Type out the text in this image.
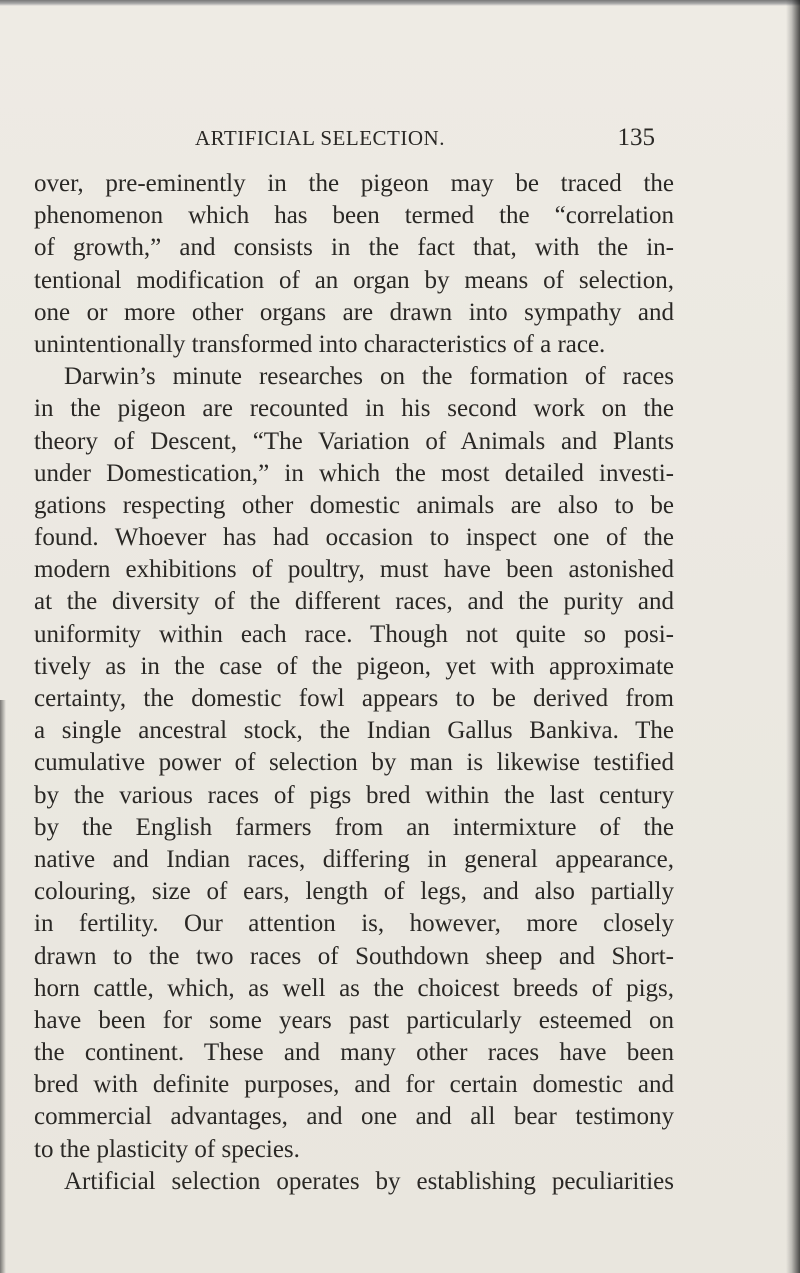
ARTIFICIAL SELECTION.	135
over, pre-eminently in the pigeon may be traced the
phenomenon which has been termed the “correlation
of growth,” and consists in the fact that, with the in-
tentional modification of an organ by means of selection,
one or more other organs are drawn into sympathy and
unintentionally transformed into characteristics of a race.
Darwin’s minute researches on the formation of races
in the pigeon are recounted in his second work on the
theory of Descent, “The Variation of Animals and Plants
under Domestication,” in which the most detailed investi-
gations respecting other domestic animals are also to be
found. Whoever has had occasion to inspect one of the
modern exhibitions of poultry, must have been astonished
at the diversity of the different races, and the purity and
uniformity within each race. Though not quite so posi-
tively as in the case of the pigeon, yet with approximate
certainty, the domestic fowl appears to be derived from
a single ancestral stock, the Indian Gallus Bankiva. The
cumulative power of selection by man is likewise testified
by the various races of pigs bred within the last century
by the English farmers from an intermixture of the
native and Indian races, differing in general appearance,
colouring, size of ears, length of legs, and also partially
in fertility. Our attention is, however, more closely
drawn to the two races of Southdown sheep and Short-
horn cattle, which, as well as the choicest breeds of pigs,
have been for some years past particularly esteemed on
the continent. These and many other races have been
bred with definite purposes, and for certain domestic and
commercial advantages, and one and all bear testimony
to the plasticity of species.
Artificial selection operates by establishing peculiarities
